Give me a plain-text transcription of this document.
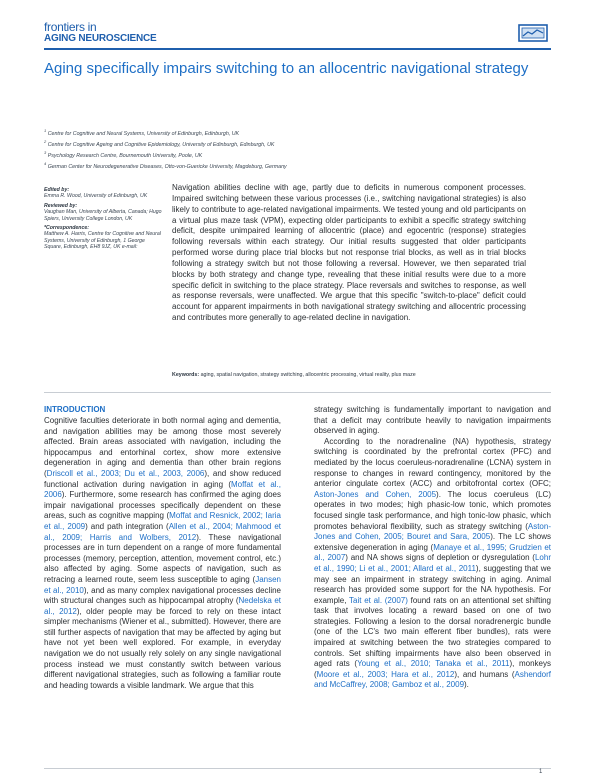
frontiers in
AGING NEUROSCIENCE
Aging specifically impairs switching to an allocentric navigational strategy
$^1$ Centre for Cognitive and Neural Systems, University of Edinburgh, Edinburgh, UK
$^2$ Centre for Cognitive Ageing and Cognitive Epidemiology, University of Edinburgh, Edinburgh, UK
$^3$ Psychology Research Centre, Bournemouth University, Poole, UK
$^4$ German Center for Neurodegenerative Diseases, Otto-von-Guericke University, Magdeburg, Germany
Edited by:
Emma R. Wood, University of Edinburgh, UK
Reviewed by:
Vaughan Man, University of Alberta, Canada; Hugo Spiers, University College London, UK
*Correspondence:
Matthew A. Harris, Centre for Cognitive and Neural Systems, University of Edinburgh, 1 George Square, Edinburgh, EH8 9JZ, UK e-mail:

Navigation abilities decline with age, partly due to deficits in numerous component processes. Impaired switching between these various processes (i.e., switching navigational strategies) is also likely to contribute to age-related navigational impairments. We tested young and old participants on a virtual plus maze task (VPM), expecting older participants to exhibit a specific strategy switching deficit, despite unimpaired learning of allocentric (place) and egocentric (response) strategies following reversals within each strategy. Our initial results suggested that older participants performed worse during place trial blocks but not response trial blocks, as well as in trial blocks following a strategy switch but not those following a reversal. However, we then separated trial blocks by both strategy and change type, revealing that these initial results were due to a more specific deficit in switching to the place strategy. Place reversals and switches to response, as well as response reversals, were unaffected. We argue that this specific "switch-to-place" deficit could account for apparent impairments in both navigational strategy switching and allocentric processing and contributes more generally to age-related decline in navigation.

Keywords: aging, spatial navigation, strategy switching, allocentric processing, virtual reality, plus maze
INTRODUCTION

Cognitive faculties deteriorate in both normal aging and dementia, and navigation abilities may be among those most severely affected. Brain areas associated with navigation, including the hippocampus and entorhinal cortex, show more extensive degeneration in aging and dementia than other brain regions (Driscoll et al., 2003; Du et al., 2003, 2006), and show reduced functional activation during navigation in aging (Moffat et al., 2006). Furthermore, some research has confirmed the aging does impair navigational processes specifically dependent on these areas, such as cognitive mapping (Moffat and Resnick, 2002; Iaria et al., 2009) and path integration (Allen et al., 2004; Mahmood et al., 2009; Harris and Wolbers, 2012). These navigational processes are in turn dependent on a range of more fundamental processes (memory, perception, attention, movement control, etc.) also affected by aging. Some aspects of navigation, such as retracing a learned route, seem less susceptible to aging (Jansen et al., 2010), and as many complex navigational processes decline with structural changes such as hippocampal atrophy (Nedelska et al., 2012), older people may be forced to rely on these intact simpler mechanisms (Wiener et al., submitted). However, there are still further aspects of navigation that may be affected by aging but have not yet been well explored. For example, in everyday navigation we do not usually rely solely on any single navigational process instead we must constantly switch between various different navigational strategies, such as following a familiar route and heading towards a visible landmark. We argue that this

strategy switching is fundamentally important to navigation and that a deficit may contribute heavily to navigation impairments observed in aging.

According to the noradrenaline (NA) hypothesis, strategy switching is coordinated by the prefrontal cortex (PFC) and mediated by the locus coeruleus-noradrenaline (LCNA) system in response to changes in reward contingency, monitored by the anterior cingulate cortex (ACC) and orbitofrontal cortex (OFC; Aston-Jones and Cohen, 2005). The locus coeruleus (LC) operates in two modes; high phasic-low tonic, which promotes focused single task performance, and high tonic-low phasic, which promotes behavioral flexibility, such as strategy switching (Aston-Jones and Cohen, 2005; Bouret and Sara, 2005). The LC shows extensive degeneration in aging (Manaye et al., 1995; Grudzien et al., 2007) and NA shows signs of depletion or dysregulation (Lohr et al., 1990; Li et al., 2001; Allard et al., 2011), suggesting that we may see an impairment in strategy switching in aging. Animal research has provided some support for the NA hypothesis. For example, Tait et al. (2007) found rats on an attentional set shifting task that involves locating a reward based on one of two strategies. Following a lesion to the dorsal noradrenergic bundle (one of the LC's two main efferent fiber bundles), rats were impaired at switching between the two strategies compared to controls. Set shifting impairments have also been observed in aged rats (Young et al., 2010; Tanaka et al., 2011), monkeys (Moore et al., 2003; Hara et al., 2012), and humans (Ashendorf and McCaffrey, 2008; Gamboz et al., 2009).

1
